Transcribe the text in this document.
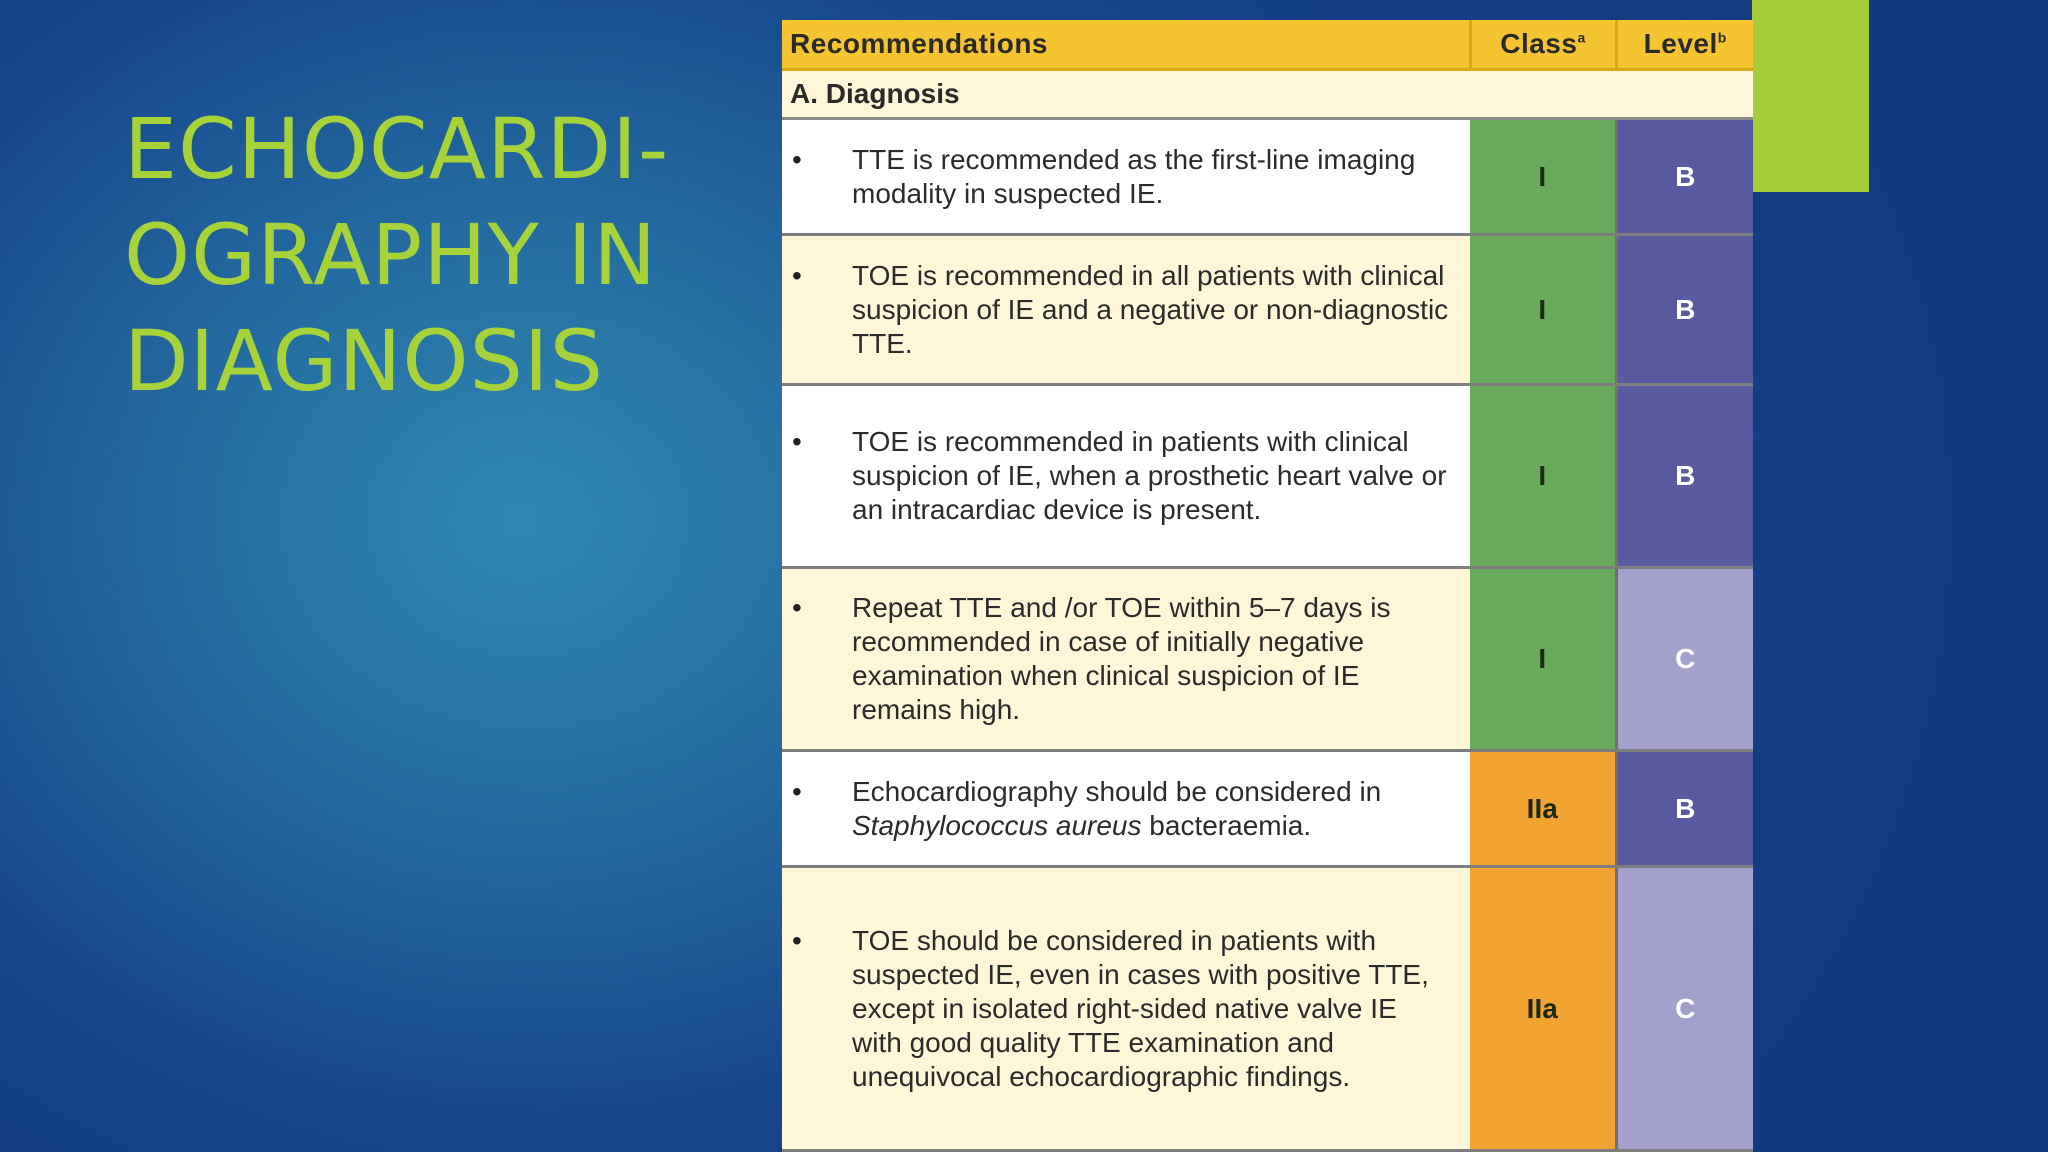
ECHOCARDI-
OGRAPHY IN
DIAGNOSIS
Recommendations	Class$^a$	Level$^b$
A. Diagnosis		

• TTE is recommended as the first-line imaging modality in suspected IE.	I	B

• TOE is recommended in all patients with clinical suspicion of IE and a negative or non-diagnostic TTE.	I	B

• TOE is recommended in patients with clinical suspicion of IE, when a prosthetic heart valve or an intracardiac device is present.	I	B

• Repeat TTE and /or TOE within 5–7 days is recommended in case of initially negative examination when clinical suspicion of IE remains high.	I	C

• Echocardiography should be considered in Staphylococcus aureus bacteraemia.	IIa	B

• TOE should be considered in patients with suspected IE, even in cases with positive TTE, except in isolated right-sided native valve IE with good quality TTE examination and unequivocal echocardiographic findings.	IIa	C
